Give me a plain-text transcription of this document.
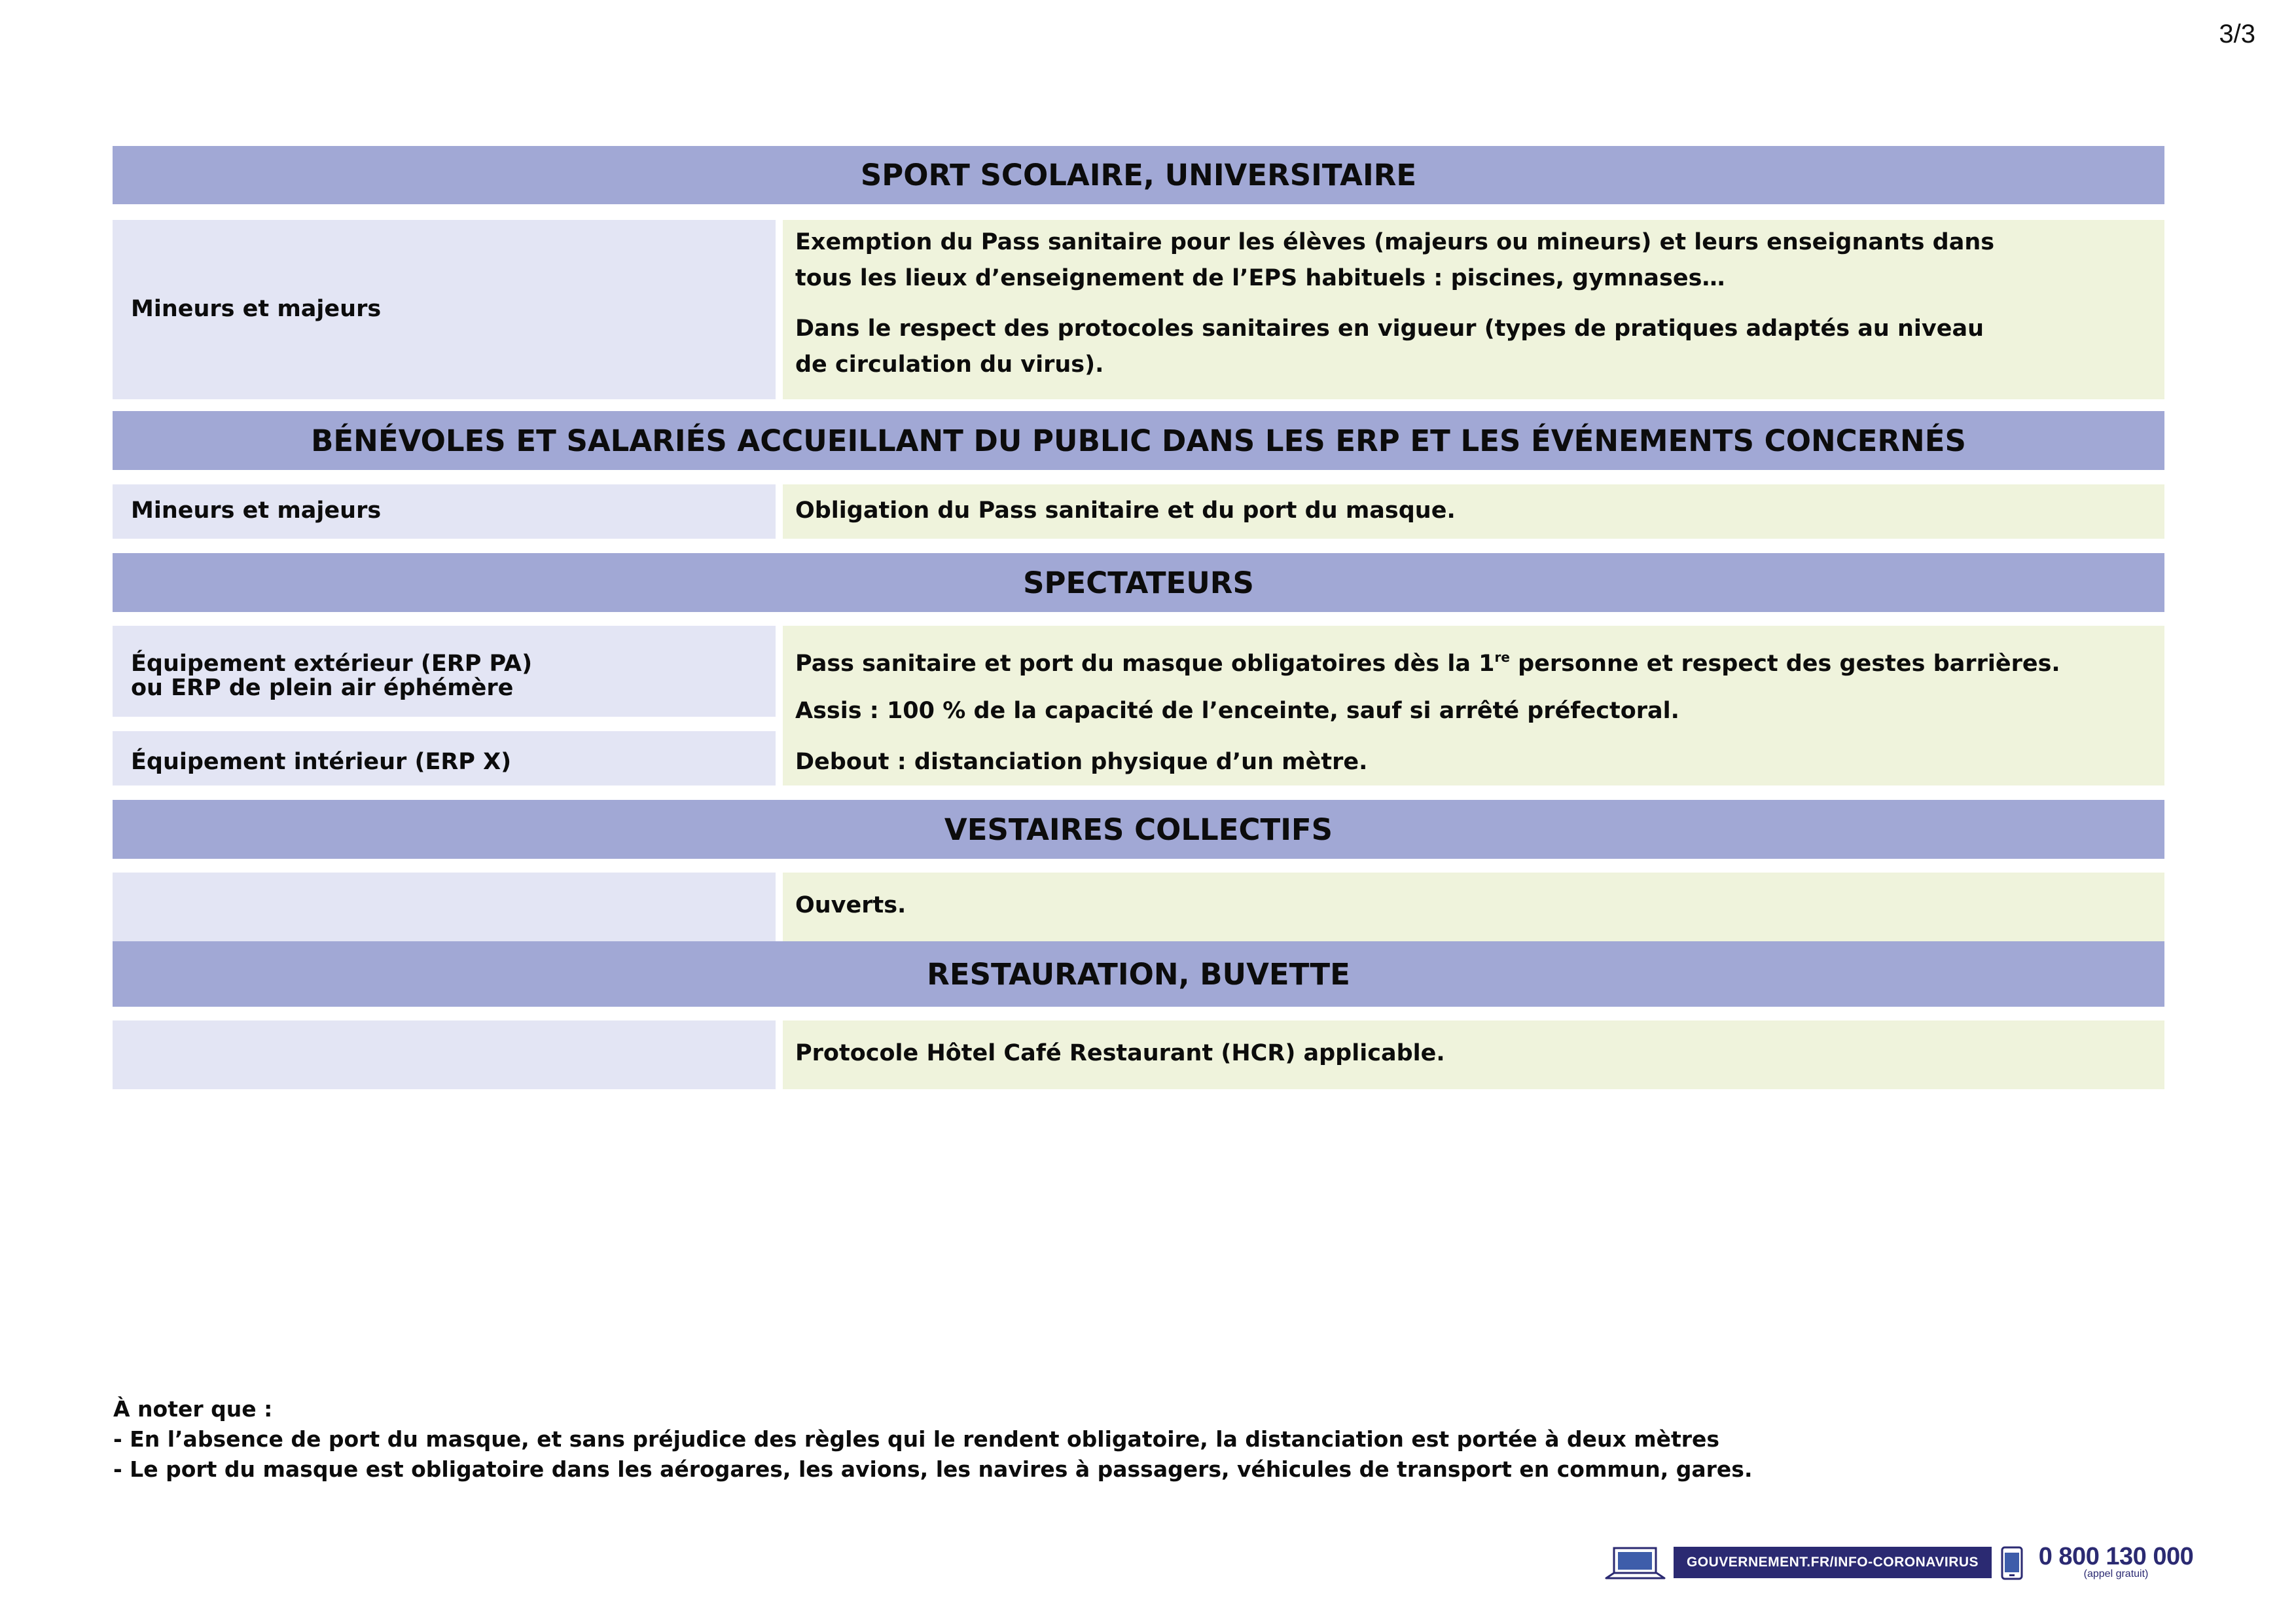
3/3
SPORT SCOLAIRE, UNIVERSITAIRE
Mineurs et majeurs
Exemption du Pass sanitaire pour les élèves (majeurs ou mineurs) et leurs enseignants dans
tous les lieux d’enseignement de l’EPS habituels : piscines, gymnases…
Dans le respect des protocoles sanitaires en vigueur (types de pratiques adaptés au niveau
de circulation du virus).
BÉNÉVOLES ET SALARIÉS ACCUEILLANT DU PUBLIC DANS LES ERP ET LES ÉVÉNEMENTS CONCERNÉS
Mineurs et majeurs	Obligation du Pass sanitaire et du port du masque.
SPECTATEURS
Équipement extérieur (ERP PA)
ou ERP de plein air éphémère
Équipement intérieur (ERP X)
Pass sanitaire et port du masque obligatoires dès la 1re personne et respect des gestes barrières.
Assis : 100 % de la capacité de l’enceinte, sauf si arrêté préfectoral.
Debout : distanciation physique d’un mètre.
VESTAIRES COLLECTIFS
Ouverts.
RESTAURATION, BUVETTE
Protocole Hôtel Café Restaurant (HCR) applicable.
À noter que :
- En l’absence de port du masque, et sans préjudice des règles qui le rendent obligatoire, la distanciation est portée à deux mètres
- Le port du masque est obligatoire dans les aérogares, les avions, les navires à passagers, véhicules de transport en commun, gares.
GOUVERNEMENT.FR/INFO-CORONAVIRUS	0 800 130 000
(appel gratuit)
